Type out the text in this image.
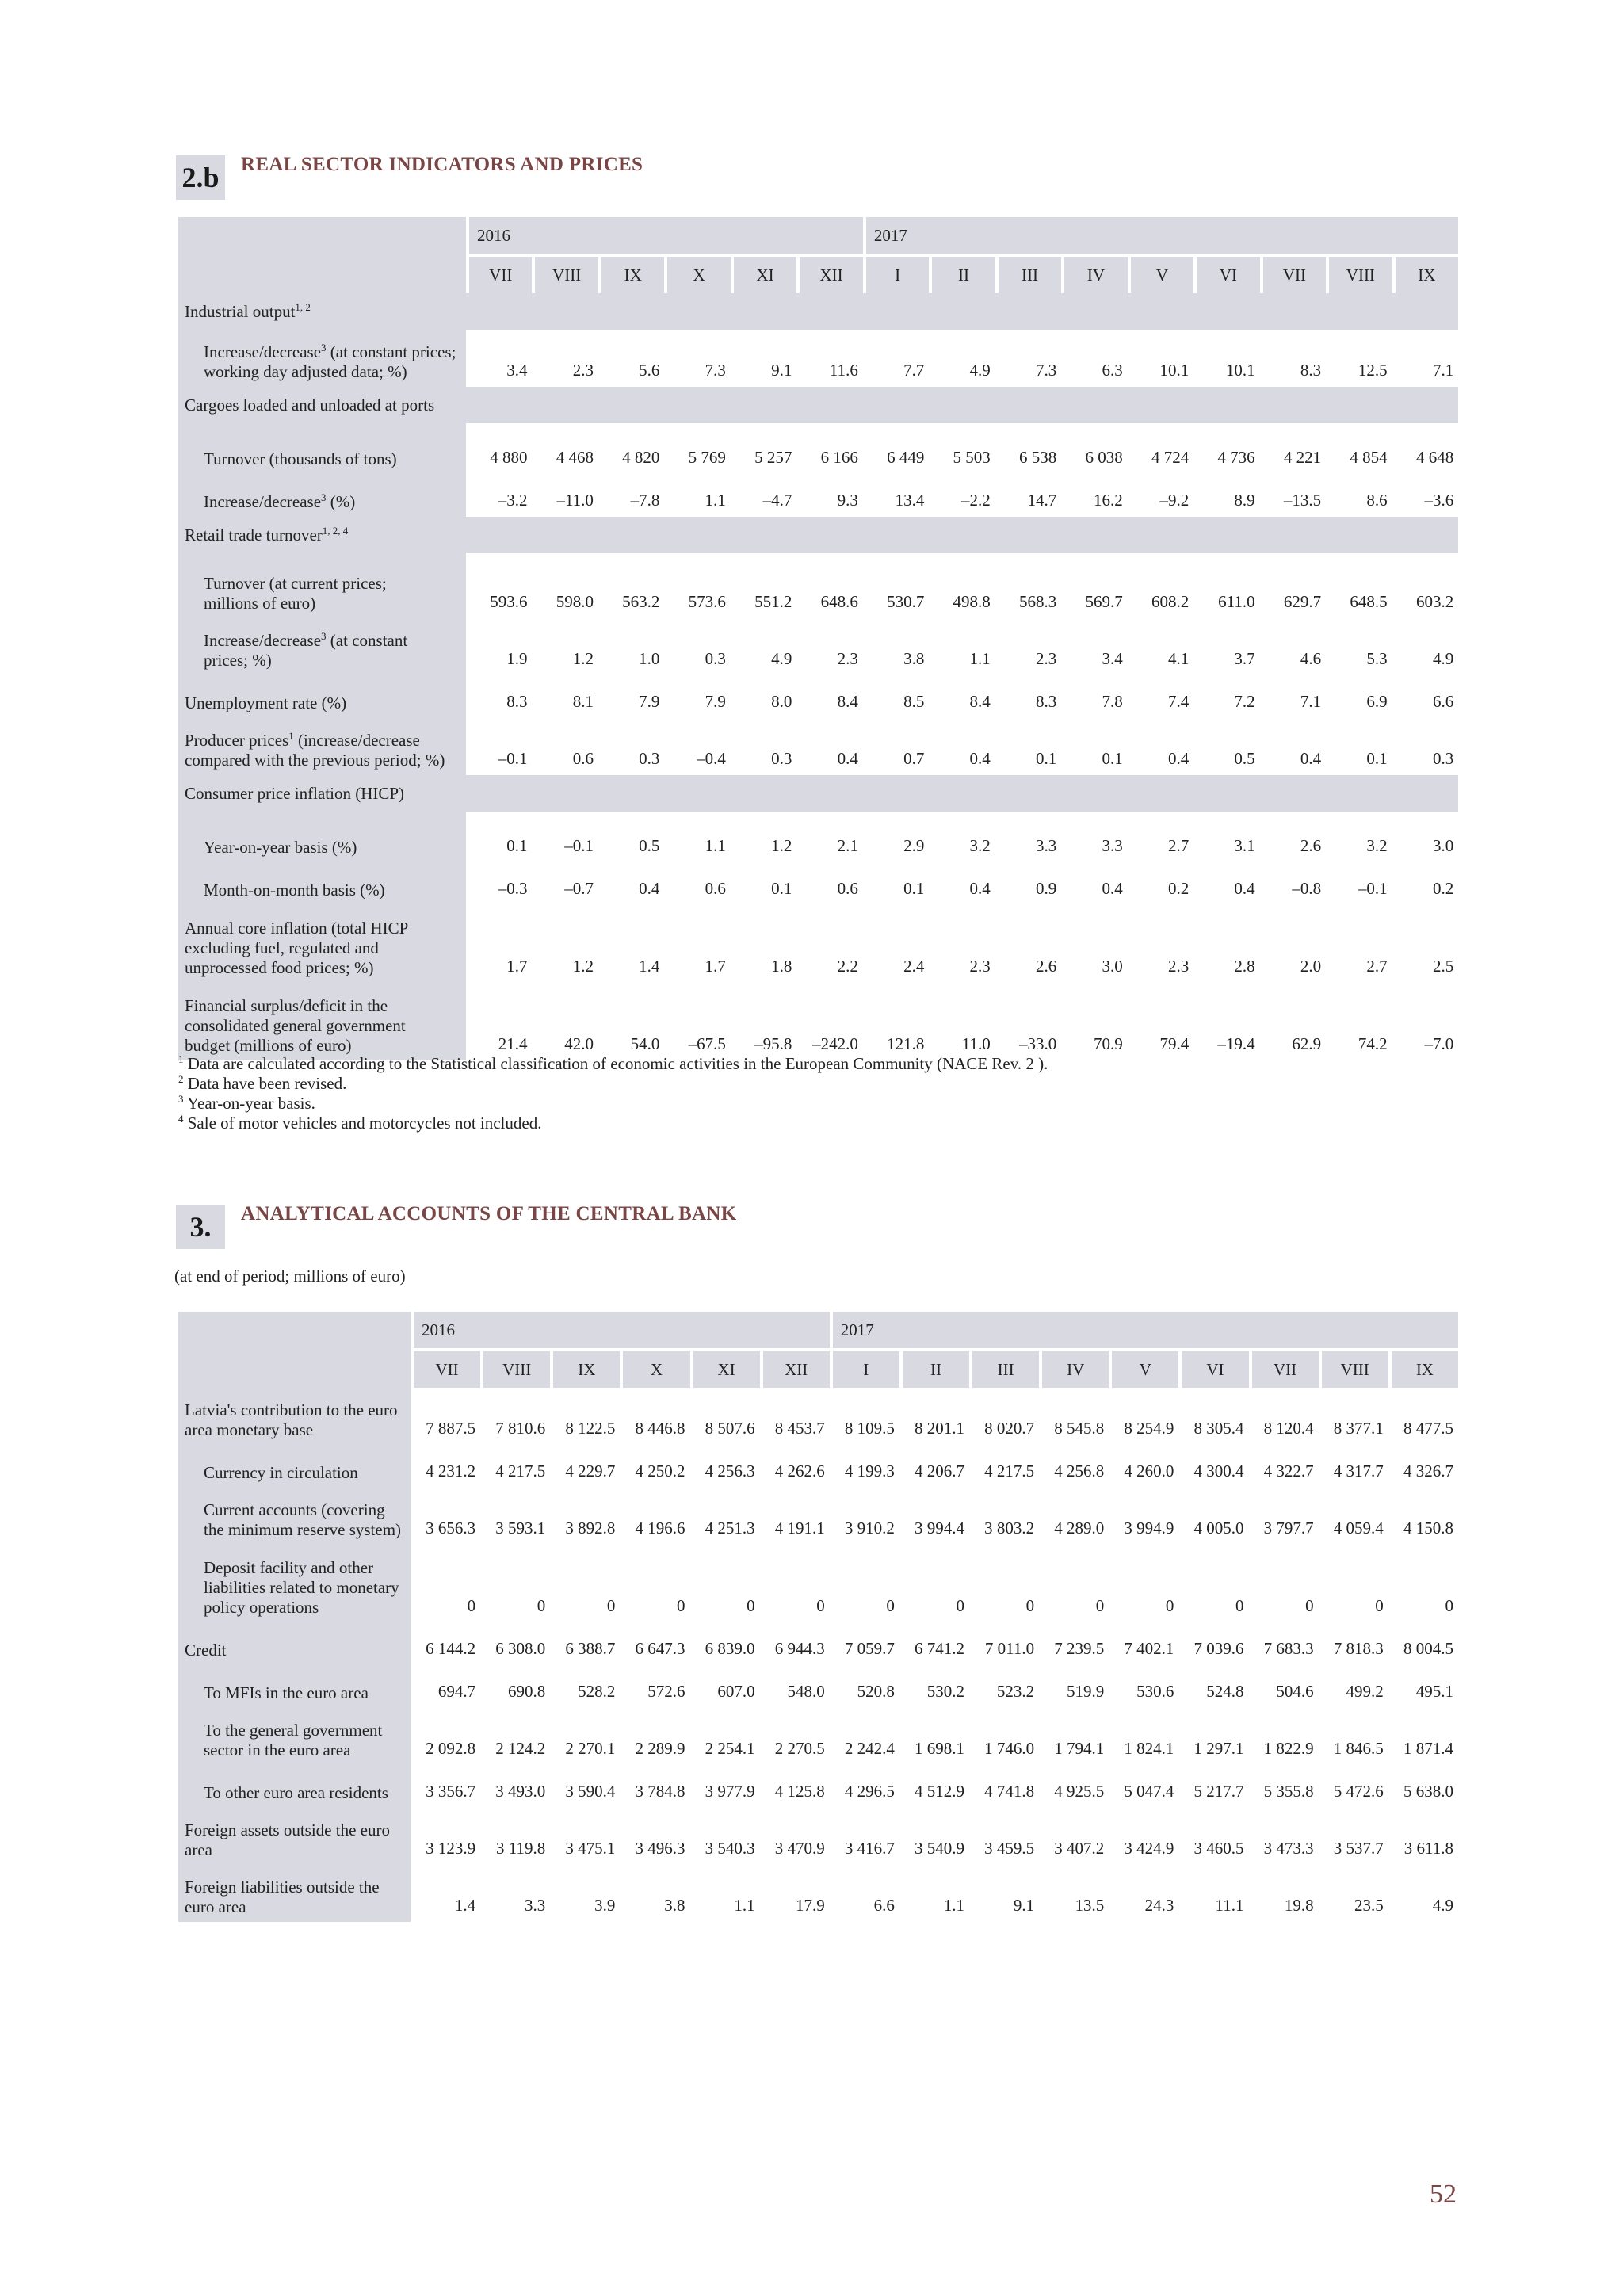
2.b REAL SECTOR INDICATORS AND PRICES
	2016						2017								
	VII	VIII	IX	X	XI	XII	I	II	III	IV	V	VI	VII	VIII	IX
Industrial output$^{1, 2}$
Increase/decrease$^3$ (at constant prices;
working day adjusted data; %)	3.4	2.3	5.6	7.3	9.1	11.6	7.7	4.9	7.3	6.3	10.1	10.1	8.3	12.5	7.1
Cargoes loaded and unloaded at ports															

Turnover (thousands of tons)	4 880	4 468	4 820	5 769	5 257	6 166	6 449	5 503	6 538	6 038	4 724	4 736	4 221	4 854	4 648
Increase/decrease$^3$ (%)	–3.2	–11.0	–7.8	1.1	–4.7	9.3	13.4	–2.2	14.7	16.2	–9.2	8.9	–13.5	8.6	–3.6
Retail trade turnover$^{1, 2, 4}$

Turnover (at current prices;
millions of euro)	593.6	598.0	563.2	573.6	551.2	648.6	530.7	498.8	568.3	569.7	608.2	611.0	629.7	648.5	603.2
Increase/decrease$^3$ (at constant
prices; %)	1.9	1.2	1.0	0.3	4.9	2.3	3.8	1.1	2.3	3.4	4.1	3.7	4.6	5.3	4.9
Unemployment rate (%)	8.3	8.1	7.9	7.9	8.0	8.4	8.5	8.4	8.3	7.8	7.4	7.2	7.1	6.9	6.6
Producer prices$^1$ (increase/decrease
compared with the previous period; %)	–0.1	0.6	0.3	–0.4	0.3	0.4	0.7	0.4	0.1	0.1	0.4	0.5	0.4	0.1	0.3
Consumer price inflation (HICP)															

Year-on-year basis (%)	0.1	–0.1	0.5	1.1	1.2	2.1	2.9	3.2	3.3	3.3	2.7	3.1	2.6	3.2	3.0
Month-on-month basis (%)	–0.3	–0.7	0.4	0.6	0.1	0.6	0.1	0.4	0.9	0.4	0.2	0.4	–0.8	–0.1	0.2
Annual core inflation (total HICP
excluding fuel, regulated and
unprocessed food prices; %)	1.7	1.2	1.4	1.7	1.8	2.2	2.4	2.3	2.6	3.0	2.3	2.8	2.0	2.7	2.5
Financial surplus/deficit in the
consolidated general government
budget (millions of euro)	21.4	42.0	54.0	–67.5	–95.8	–242.0	121.8	11.0	–33.0	70.9	79.4	–19.4	62.9	74.2	–7.0
$^1$ Data are calculated according to the Statistical classification of economic activities in the European Community (NACE Rev. 2 ).
$^2$ Data have been revised.
$^3$ Year-on-year basis.
$^4$ Sale of motor vehicles and motorcycles not included.
3.	ANALYTICAL ACCOUNTS OF THE CENTRAL BANK
(at end of period; millions of euro)
	2016						2017								
	VII	VIII	IX	X	XI	XII	I	II	III	IV	V	VI	VII	VIII	IX
Latvia's contribution to the euro
area monetary base	7 887.5	7 810.6	8 122.5	8 446.8	8 507.6	8 453.7	8 109.5	8 201.1	8 020.7	8 545.8	8 254.9	8 305.4	8 120.4	8 377.1	8 477.5
Currency in circulation	4 231.2	4 217.5	4 229.7	4 250.2	4 256.3	4 262.6	4 199.3	4 206.7	4 217.5	4 256.8	4 260.0	4 300.4	4 322.7	4 317.7	4 326.7
Current accounts (covering
the minimum reserve system)	3 656.3	3 593.1	3 892.8	4 196.6	4 251.3	4 191.1	3 910.2	3 994.4	3 803.2	4 289.0	3 994.9	4 005.0	3 797.7	4 059.4	4 150.8
Deposit facility and other
liabilities related to monetary
policy operations	0	0	0	0	0	0	0	0	0	0	0	0	0	0	0
Credit	6 144.2	6 308.0	6 388.7	6 647.3	6 839.0	6 944.3	7 059.7	6 741.2	7 011.0	7 239.5	7 402.1	7 039.6	7 683.3	7 818.3	8 004.5
To MFIs in the euro area	694.7	690.8	528.2	572.6	607.0	548.0	520.8	530.2	523.2	519.9	530.6	524.8	504.6	499.2	495.1
To the general government
sector in the euro area	2 092.8	2 124.2	2 270.1	2 289.9	2 254.1	2 270.5	2 242.4	1 698.1	1 746.0	1 794.1	1 824.1	1 297.1	1 822.9	1 846.5	1 871.4
To other euro area residents	3 356.7	3 493.0	3 590.4	3 784.8	3 977.9	4 125.8	4 296.5	4 512.9	4 741.8	4 925.5	5 047.4	5 217.7	5 355.8	5 472.6	5 638.0
Foreign assets outside the euro
area	3 123.9	3 119.8	3 475.1	3 496.3	3 540.3	3 470.9	3 416.7	3 540.9	3 459.5	3 407.2	3 424.9	3 460.5	3 473.3	3 537.7	3 611.8
Foreign liabilities outside the
euro area	1.4	3.3	3.9	3.8	1.1	17.9	6.6	1.1	9.1	13.5	24.3	11.1	19.8	23.5	4.9
52
